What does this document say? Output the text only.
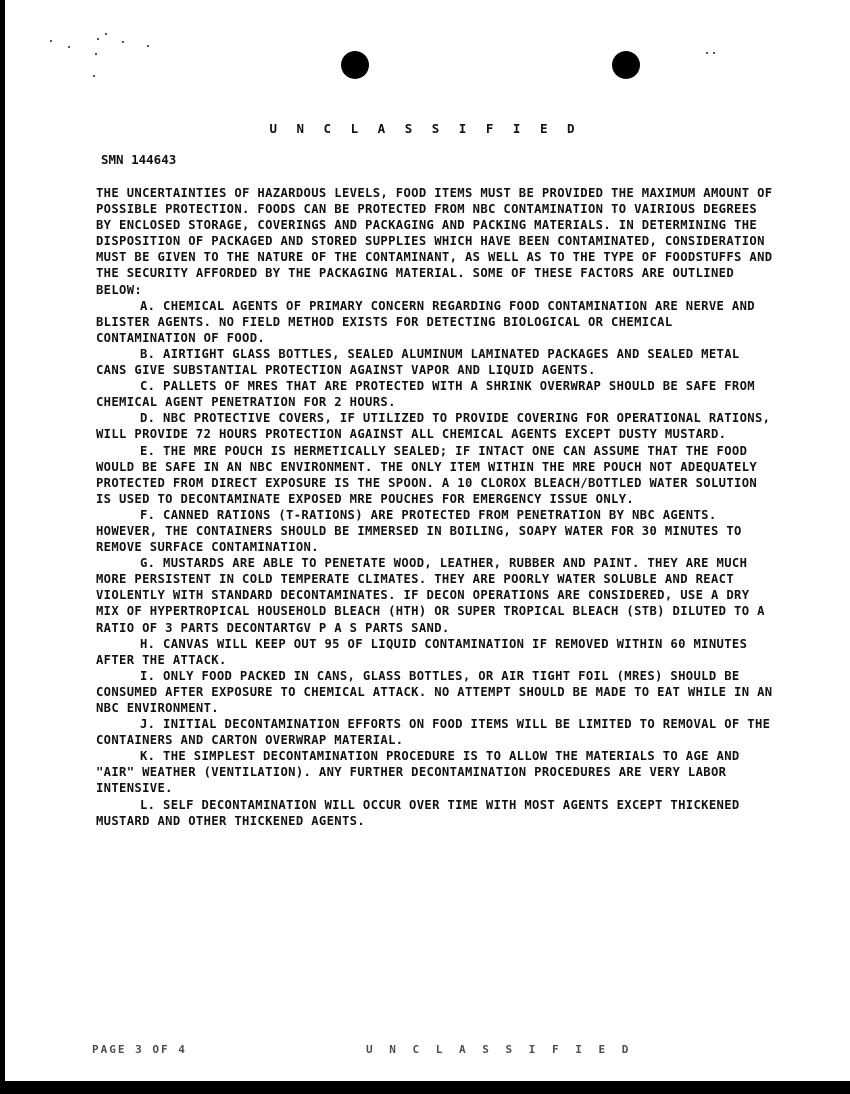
U N C L A S S I F I E D
SMN 144643

THE UNCERTAINTIES OF HAZARDOUS LEVELS, FOOD ITEMS MUST BE PROVIDED THE MAXIMUM AMOUNT OF POSSIBLE PROTECTION. FOODS CAN BE PROTECTED FROM NBC CONTAMINATION TO VAIRIOUS DEGREES BY ENCLOSED STORAGE, COVERINGS AND PACKAGING AND PACKING MATERIALS. IN DETERMINING THE DISPOSITION OF PACKAGED AND STORED SUPPLIES WHICH HAVE BEEN CONTAMINATED, CONSIDERATION MUST BE GIVEN TO THE NATURE OF THE CONTAMINANT, AS WELL AS TO THE TYPE OF FOODSTUFFS AND THE SECURITY AFFORDED BY THE PACKAGING MATERIAL. SOME OF THESE FACTORS ARE OUTLINED BELOW:

A. CHEMICAL AGENTS OF PRIMARY CONCERN REGARDING FOOD CONTAMINATION ARE NERVE AND BLISTER AGENTS. NO FIELD METHOD EXISTS FOR DETECTING BIOLOGICAL OR CHEMICAL CONTAMINATION OF FOOD.

B. AIRTIGHT GLASS BOTTLES, SEALED ALUMINUM LAMINATED PACKAGES AND SEALED METAL CANS GIVE SUBSTANTIAL PROTECTION AGAINST VAPOR AND LIQUID AGENTS.

C. PALLETS OF MRES THAT ARE PROTECTED WITH A SHRINK OVERWRAP SHOULD BE SAFE FROM CHEMICAL AGENT PENETRATION FOR 2 HOURS.

D. NBC PROTECTIVE COVERS, IF UTILIZED TO PROVIDE COVERING FOR OPERATIONAL RATIONS, WILL PROVIDE 72 HOURS PROTECTION AGAINST ALL CHEMICAL AGENTS EXCEPT DUSTY MUSTARD.

E. THE MRE POUCH IS HERMETICALLY SEALED; IF INTACT ONE CAN ASSUME THAT THE FOOD WOULD BE SAFE IN AN NBC ENVIRONMENT. THE ONLY ITEM WITHIN THE MRE POUCH NOT ADEQUATELY PROTECTED FROM DIRECT EXPOSURE IS THE SPOON. A 10 CLOROX BLEACH/BOTTLED WATER SOLUTION IS USED TO DECONTAMINATE EXPOSED MRE POUCHES FOR EMERGENCY ISSUE ONLY.

F. CANNED RATIONS (T-RATIONS) ARE PROTECTED FROM PENETRATION BY NBC AGENTS. HOWEVER, THE CONTAINERS SHOULD BE IMMERSED IN BOILING, SOAPY WATER FOR 30 MINUTES TO REMOVE SURFACE CONTAMINATION.

G. MUSTARDS ARE ABLE TO PENETATE WOOD, LEATHER, RUBBER AND PAINT. THEY ARE MUCH MORE PERSISTENT IN COLD TEMPERATE CLIMATES. THEY ARE POORLY WATER SOLUBLE AND REACT VIOLENTLY WITH STANDARD DECONTAMINATES. IF DECON OPERATIONS ARE CONSIDERED, USE A DRY MIX OF HYPERTROPICAL HOUSEHOLD BLEACH (HTH) OR SUPER TROPICAL BLEACH (STB) DILUTED TO A RATIO OF 3 PARTS DECONTARTGV P A S PARTS SAND.

H. CANVAS WILL KEEP OUT 95 OF LIQUID CONTAMINATION IF REMOVED WITHIN 60 MINUTES AFTER THE ATTACK.

I. ONLY FOOD PACKED IN CANS, GLASS BOTTLES, OR AIR TIGHT FOIL (MRES) SHOULD BE CONSUMED AFTER EXPOSURE TO CHEMICAL ATTACK. NO ATTEMPT SHOULD BE MADE TO EAT WHILE IN AN NBC ENVIRONMENT.

J. INITIAL DECONTAMINATION EFFORTS ON FOOD ITEMS WILL BE LIMITED TO REMOVAL OF THE CONTAINERS AND CARTON OVERWRAP MATERIAL.

K. THE SIMPLEST DECONTAMINATION PROCEDURE IS TO ALLOW THE MATERIALS TO AGE AND "AIR" WEATHER (VENTILATION). ANY FURTHER DECONTAMINATION PROCEDURES ARE VERY LABOR INTENSIVE.

L. SELF DECONTAMINATION WILL OCCUR OVER TIME WITH MOST AGENTS EXCEPT THICKENED MUSTARD AND OTHER THICKENED AGENTS.

PAGE 3 OF 4	U N C L A S S I F I E D
